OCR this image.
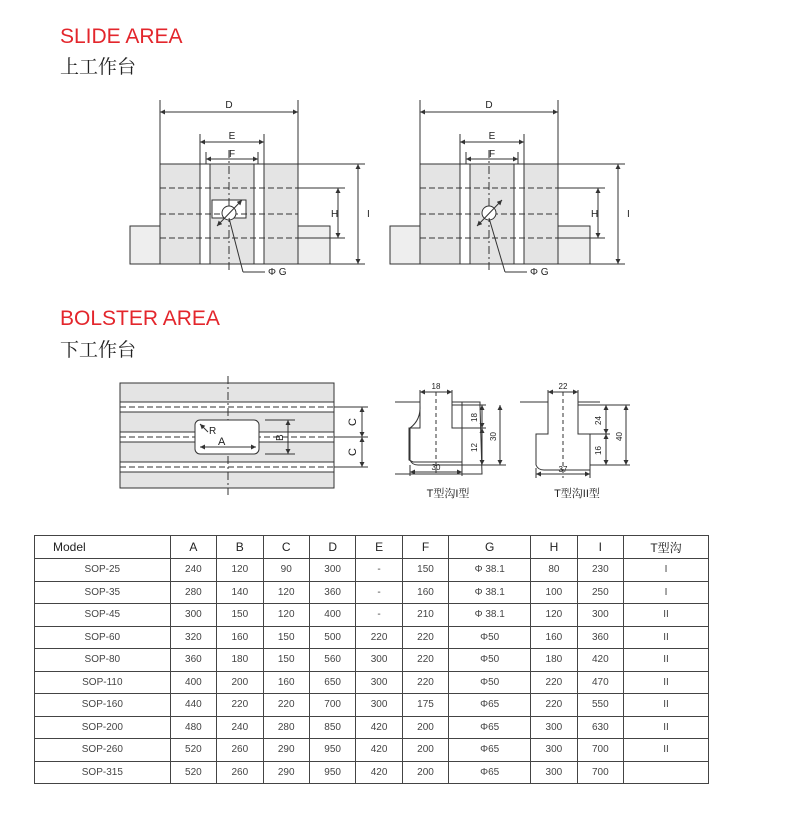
SLIDE AREA
上工作台
BOLSTER AREA
下工作台
D
E
F
H	I
Φ G
D
E
F
H	I
Φ G
R
A	B
C
C
18
18
12
30
30
T型沟I型
22
24
16
40
37
T型沟II型
Model	A	B	C	D	E	F	G	H	I	T型沟
SOP-25	240	120	90	300	-	150	Φ 38.1	80	230	I
SOP-35	280	140	120	360	-	160	Φ 38.1	100	250	I
SOP-45	300	150	120	400	-	210	Φ 38.1	120	300	II
SOP-60	320	160	150	500	220	220	Φ50	160	360	II
SOP-80	360	180	150	560	300	220	Φ50	180	420	II
SOP-110	400	200	160	650	300	220	Φ50	220	470	II
SOP-160	440	220	220	700	300	175	Φ65	220	550	II
SOP-200	480	240	280	850	420	200	Φ65	300	630	II
SOP-260	520	260	290	950	420	200	Φ65	300	700	II
SOP-315	520	260	290	950	420	200	Φ65	300	700	
